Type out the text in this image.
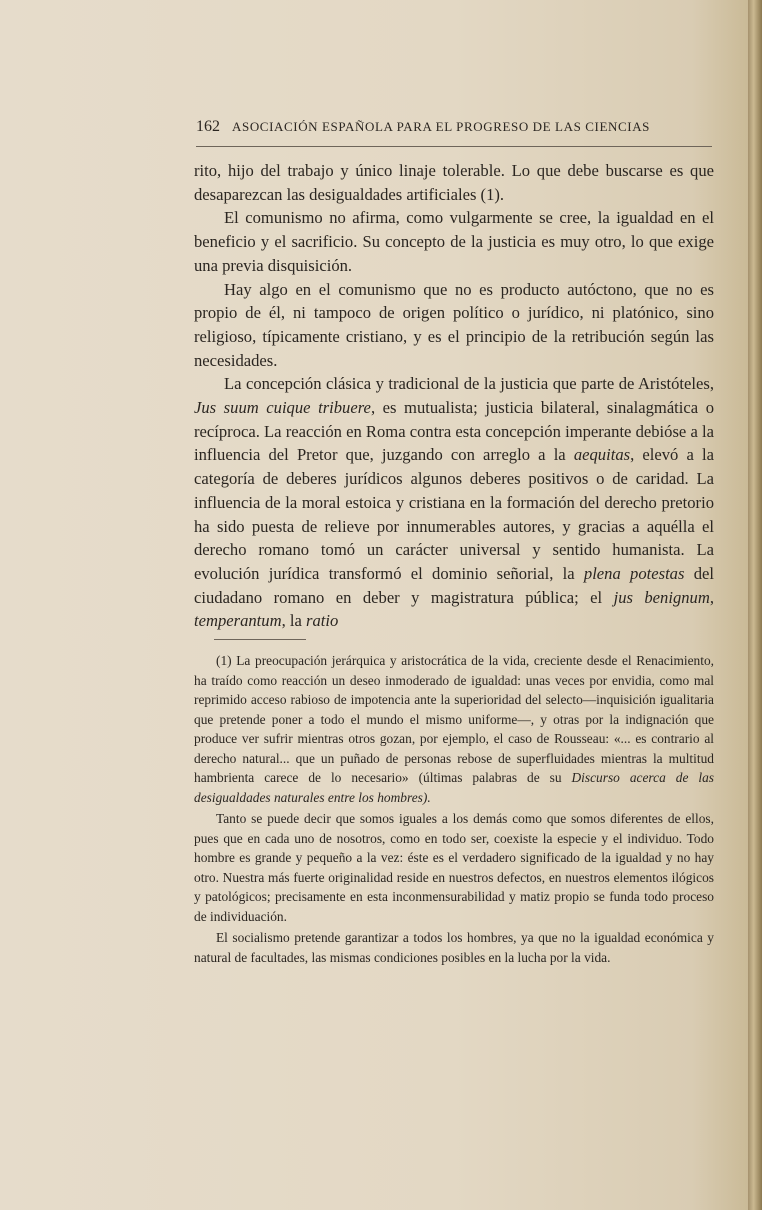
162 ASOCIACIÓN ESPAÑOLA PARA EL PROGRESO DE LAS CIENCIAS

rito, hijo del trabajo y único linaje tolerable. Lo que debe buscarse es que desaparezcan las desigualdades artificiales (1).

El comunismo no afirma, como vulgarmente se cree, la igualdad en el beneficio y el sacrificio. Su concepto de la justicia es muy otro, lo que exige una previa disquisición.

Hay algo en el comunismo que no es producto autóctono, que no es propio de él, ni tampoco de origen político o jurídico, ni platónico, sino religioso, típicamente cristiano, y es el principio de la retribución según las necesidades.

La concepción clásica y tradicional de la justicia que parte de Aristóteles, Jus suum cuique tribuere, es mutualista; justicia bilateral, sinalagmática o recíproca. La reacción en Roma contra esta concepción imperante debióse a la influencia del Pretor que, juzgando con arreglo a la aequitas, elevó a la categoría de deberes jurídicos algunos deberes positivos o de caridad. La influencia de la moral estoica y cristiana en la formación del derecho pretorio ha sido puesta de relieve por innumerables autores, y gracias a aquélla el derecho romano tomó un carácter universal y sentido humanista. La evolución jurídica transformó el dominio señorial, la plena potestas del ciudadano romano en deber y magistratura pública; el jus benignum, temperantum, la ratio

(1) La preocupación jerárquica y aristocrática de la vida, creciente desde el Renacimiento, ha traído como reacción un deseo inmoderado de igualdad: unas veces por envidia, como mal reprimido acceso rabioso de impotencia ante la superioridad del selecto—inquisición igualitaria que pretende poner a todo el mundo el mismo uniforme—, y otras por la indignación que produce ver sufrir mientras otros gozan, por ejemplo, el caso de Rousseau: «... es contrario al derecho natural... que un puñado de personas rebose de superfluidades mientras la multitud hambrienta carece de lo necesario» (últimas palabras de su Discurso acerca de las desigualdades naturales entre los hombres).

Tanto se puede decir que somos iguales a los demás como que somos diferentes de ellos, pues que en cada uno de nosotros, como en todo ser, coexiste la especie y el individuo. Todo hombre es grande y pequeño a la vez: éste es el verdadero significado de la igualdad y no hay otro. Nuestra más fuerte originalidad reside en nuestros defectos, en nuestros elementos ilógicos y patológicos; precisamente en esta inconmensurabilidad y matiz propio se funda todo proceso de individuación.

El socialismo pretende garantizar a todos los hombres, ya que no la igualdad económica y natural de facultades, las mismas condiciones posibles en la lucha por la vida.
